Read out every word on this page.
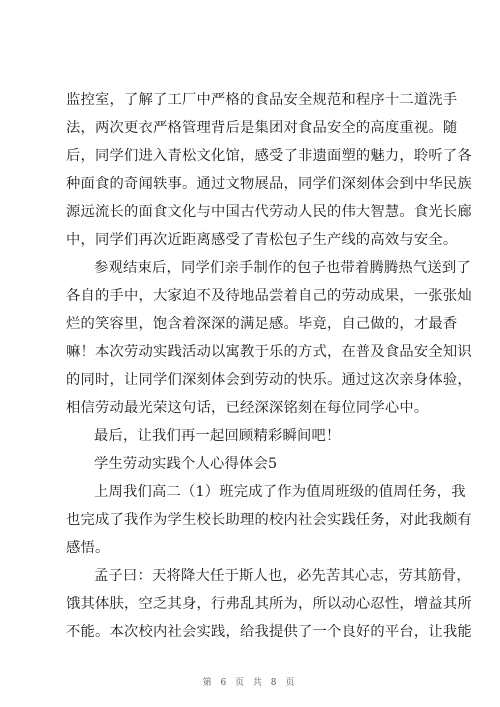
监控室，了解了工厂中严格的食品安全规范和程序十二道洗手
法，两次更衣严格管理背后是集团对食品安全的高度重视。随
后，同学们进入青松文化馆，感受了非遗面塑的魅力，聆听了各
种面食的奇闻轶事。通过文物展品，同学们深刻体会到中华民族
源远流长的面食文化与中国古代劳动人民的伟大智慧。食光长廊
中，同学们再次近距离感受了青松包子生产线的高效与安全。
参观结束后，同学们亲手制作的包子也带着腾腾热气送到了
各自的手中，大家迫不及待地品尝着自己的劳动成果，一张张灿
烂的笑容里，饱含着深深的满足感。毕竟，自己做的，才最香
嘛！本次劳动实践活动以寓教于乐的方式，在普及食品安全知识
的同时，让同学们深刻体会到劳动的快乐。通过这次亲身体验，
相信劳动最光荣这句话，已经深深铭刻在每位同学心中。
最后，让我们再一起回顾精彩瞬间吧！
学生劳动实践个人心得体会5
上周我们高二（1）班完成了作为值周班级的值周任务，我
也完成了我作为学生校长助理的校内社会实践任务，对此我颇有
感悟。
孟子曰：天将降大任于斯人也，必先苦其心志，劳其筋骨，
饿其体肤，空乏其身，行弗乱其所为，所以动心忍性，增益其所
不能。本次校内社会实践，给我提供了一个良好的平台，让我能
第 6 页 共 8 页
